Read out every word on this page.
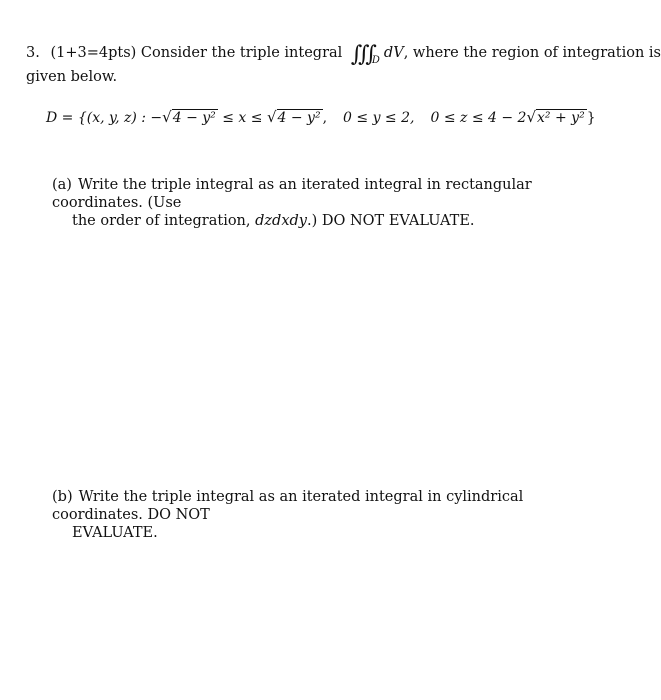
3. (1+3=4pts) Consider the triple integral ∭ D dV, where the region of integration is
given below.
D = {(x, y, z) : −√4 − y² ≤ x ≤ √4 − y² , 0 ≤ y ≤ 2, 0 ≤ z ≤ 4 − 2√x² + y² }
(a) Write the triple integral as an iterated integral in rectangular coordinates. (Use
the order of integration, dzdxdy.) DO NOT EVALUATE.
(b) Write the triple integral as an iterated integral in cylindrical coordinates. DO NOT
EVALUATE.
